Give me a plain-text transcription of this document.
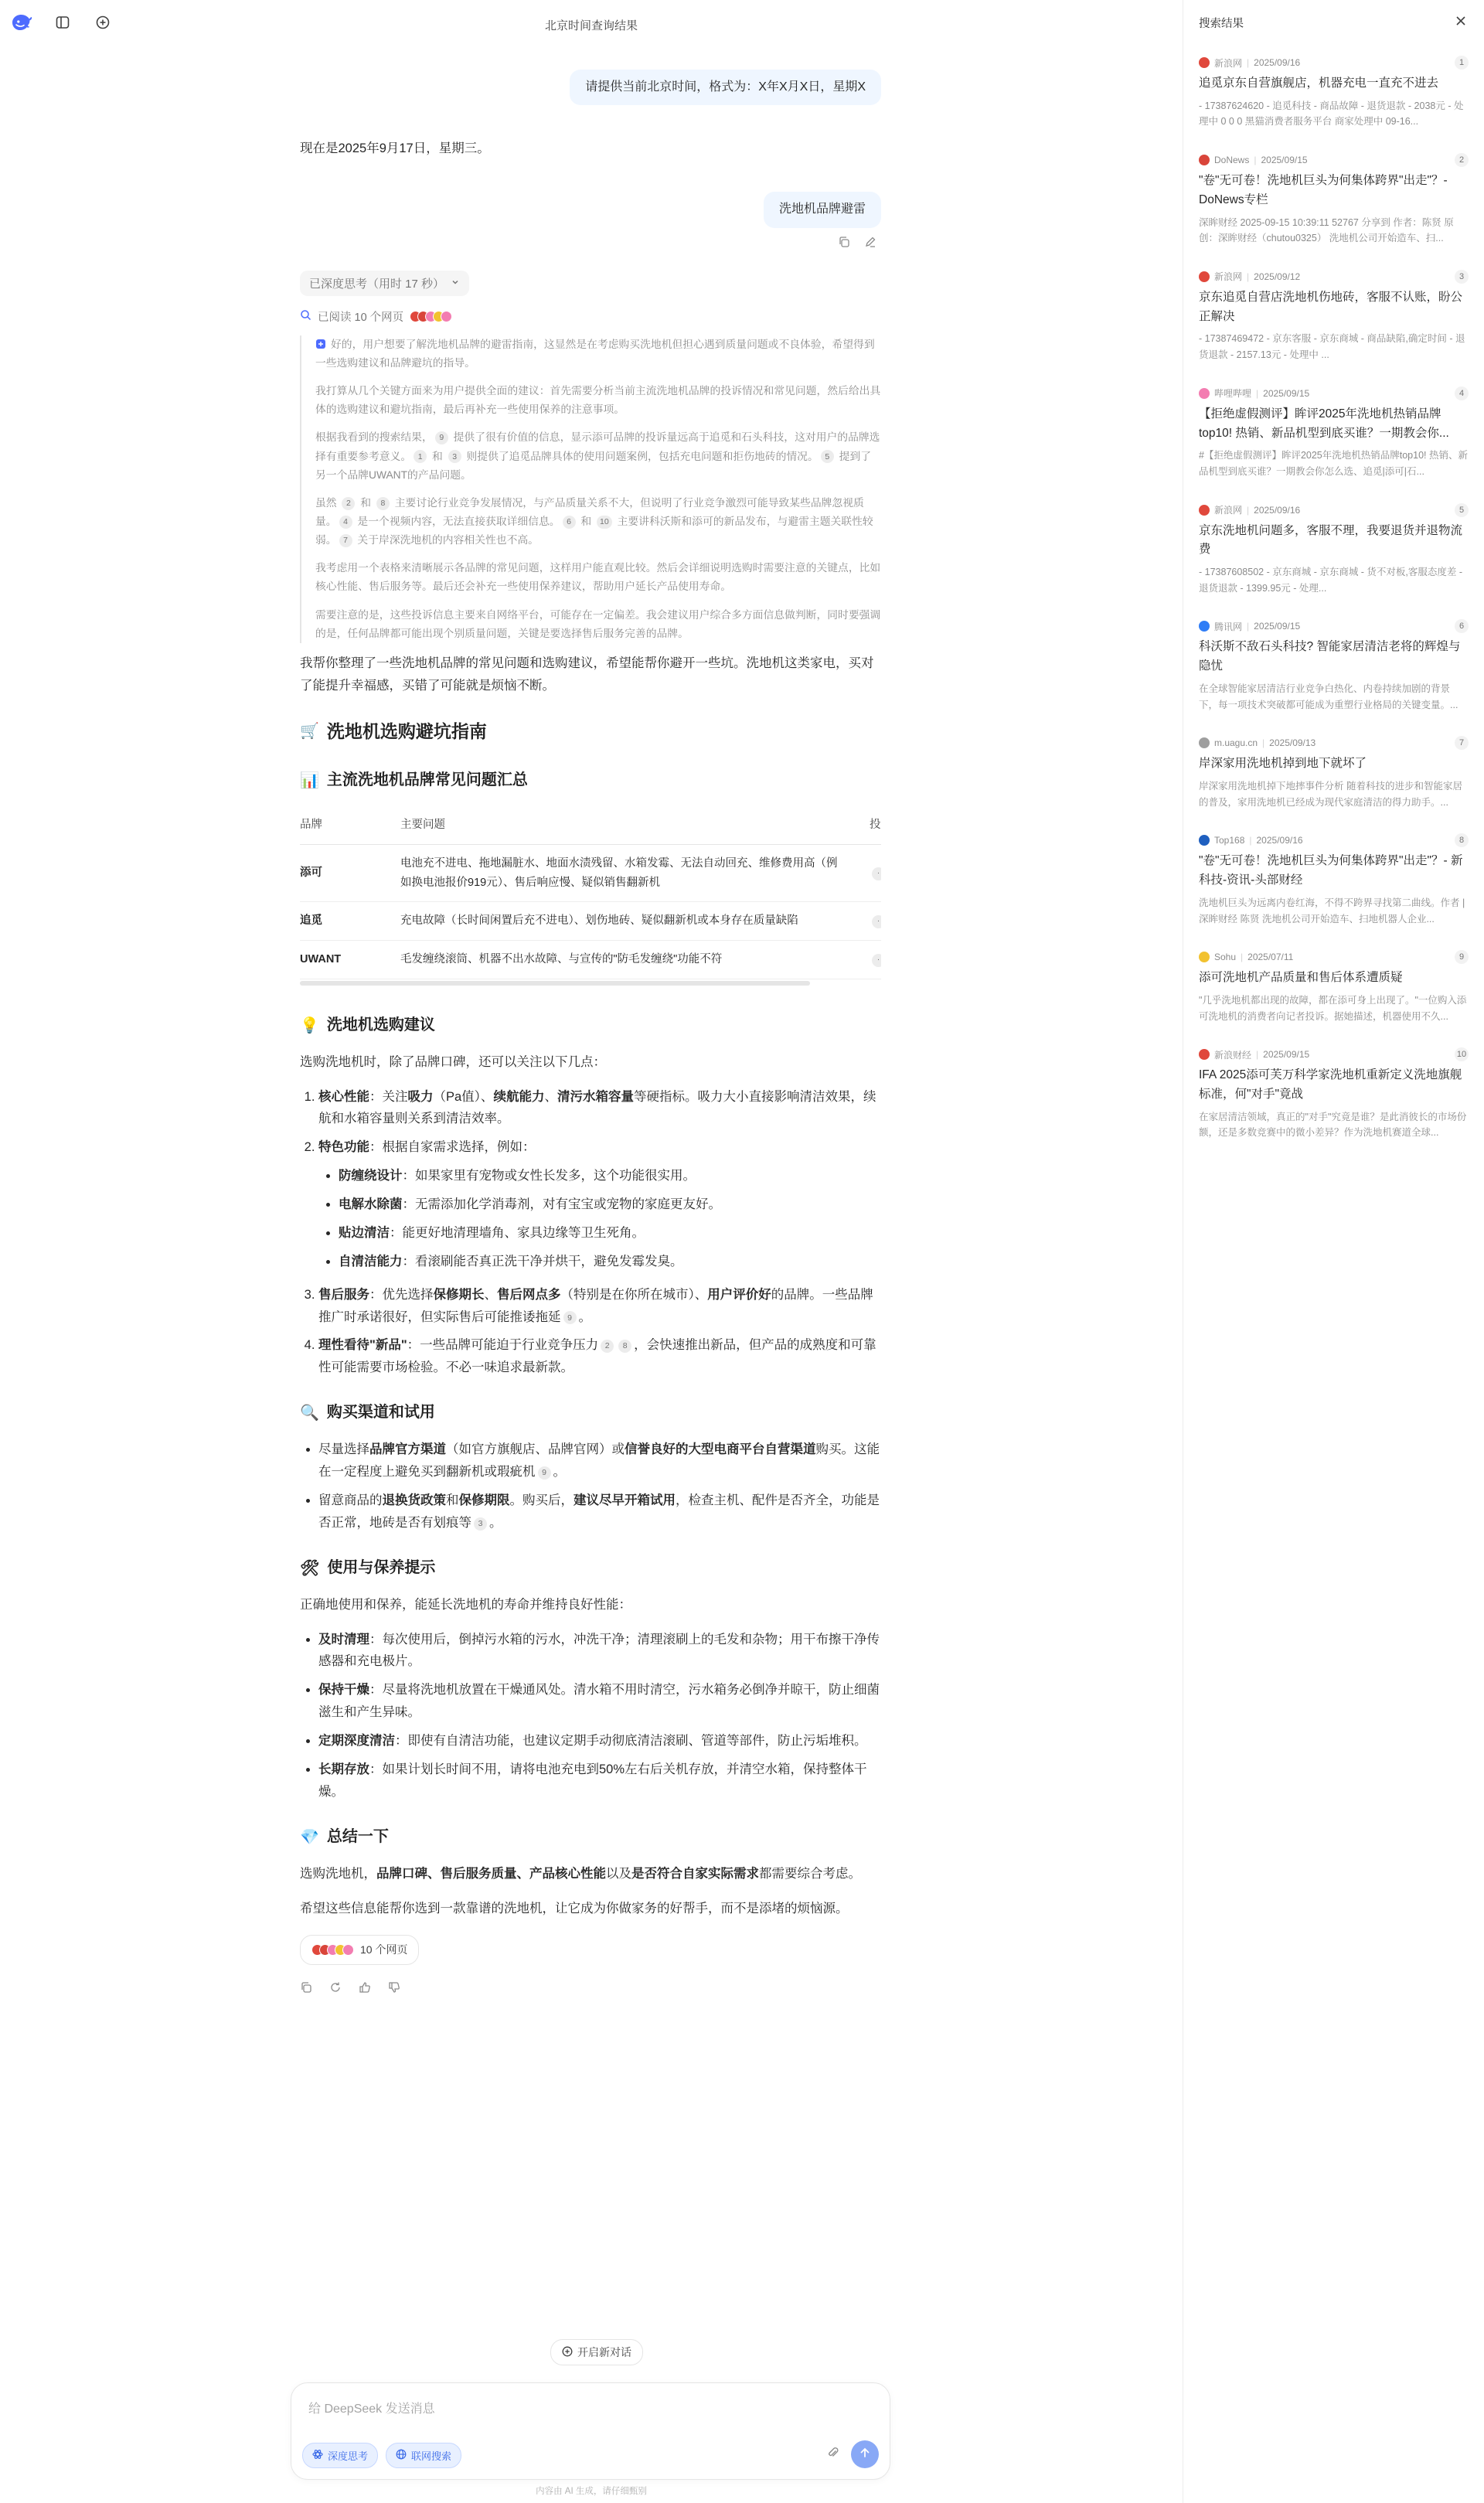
北京时间查询结果
请提供当前北京时间，格式为：X年X月X日，星期X
现在是2025年9月17日，星期三。
洗地机品牌避雷
已深度思考（用时 17 秒）
已阅读 10 个网页

好的，用户想要了解洗地机品牌的避雷指南，这显然是在考虑购买洗地机但担心遇到质量问题或不良体验，希望得到一些选购建议和品牌避坑的指导。

我打算从几个关键方面来为用户提供全面的建议：首先需要分析当前主流洗地机品牌的投诉情况和常见问题，然后给出具体的选购建议和避坑指南，最后再补充一些使用保养的注意事项。

根据我看到的搜索结果， 9 提供了很有价值的信息，显示添可品牌的投诉量远高于追觅和石头科技，这对用户的品牌选择有重要参考意义。 1 和 3 则提供了追觅品牌具体的使用问题案例，包括充电问题和拒伤地砖的情况。 5 提到了另一个品牌UWANT的产品问题。

虽然 2 和 8 主要讨论行业竞争发展情况，与产品质量关系不大，但说明了行业竞争激烈可能导致某些品牌忽视质量。 4 是一个视频内容，无法直接获取详细信息。 6 和 10 主要讲科沃斯和添可的新品发布，与避雷主题关联性较弱。 7 关于岸深洗地机的内容相关性也不高。

我考虑用一个表格来清晰展示各品牌的常见问题，这样用户能直观比较。然后会详细说明选购时需要注意的关键点，比如核心性能、售后服务等。最后还会补充一些使用保养建议，帮助用户延长产品使用寿命。

需要注意的是，这些投诉信息主要来自网络平台，可能存在一定偏差。我会建议用户综合多方面信息做判断，同时要强调的是，任何品牌都可能出现个别质量问题，关键是要选择售后服务完善的品牌。

我帮你整理了一些洗地机品牌的常见问题和选购建议，希望能帮你避开一些坑。洗地机这类家电，买对了能提升幸福感，买错了可能就是烦恼不断。

🛒 洗地机选购避坑指南
📊 主流洗地机品牌常见问题汇总
品牌	主要问题	投
添可	电池充不进电、拖地漏脏水、地面水渍残留、水箱发霉、无法自动回充、维修费用高（例如换电池报价919元）、售后响应慢、疑似销售翻新机	·
追觅	充电故障（长时间闲置后充不进电）、划伤地砖、疑似翻新机或本身存在质量缺陷	·
UWANT	毛发缠绕滚筒、机器不出水故障、与宣传的"防毛发缠绕"功能不符	·
💡 洗地机选购建议

选购洗地机时，除了品牌口碑，还可以关注以下几点：

1. 核心性能：关注吸力（Pa值）、续航能力、清污水箱容量等硬指标。吸力大小直接影响清洁效果，续航和水箱容量则关系到清洁效率。
2. 特色功能：根据自家需求选择，例如：
• 防缠绕设计：如果家里有宠物或女性长发多，这个功能很实用。
• 电解水除菌：无需添加化学消毒剂，对有宝宝或宠物的家庭更友好。
• 贴边清洁：能更好地清理墙角、家具边缘等卫生死角。
• 自清洁能力：看滚刷能否真正洗干净并烘干，避免发霉发臭。
3. 售后服务：优先选择保修期长、售后网点多（特别是在你所在城市）、用户评价好的品牌。一些品牌推广时承诺很好，但实际售后可能推诿拖延 9 。
4. 理性看待"新品"：一些品牌可能迫于行业竞争压力 2 8 ，会快速推出新品，但产品的成熟度和可靠性可能需要市场检验。不必一味追求最新款。
🔍 购买渠道和试用
• 尽量选择品牌官方渠道（如官方旗舰店、品牌官网）或信誉良好的大型电商平台自营渠道购买。这能在一定程度上避免买到翻新机或瑕疵机 9 。
• 留意商品的退换货政策和保修期限。购买后，建议尽早开箱试用，检查主机、配件是否齐全，功能是否正常，地砖是否有划痕等 3 。
🛠 使用与保养提示

正确地使用和保养，能延长洗地机的寿命并维持良好性能：

• 及时清理：每次使用后，倒掉污水箱的污水，冲洗干净；清理滚刷上的毛发和杂物；用干布擦干净传感器和充电极片。
• 保持干燥：尽量将洗地机放置在干燥通风处。清水箱不用时清空，污水箱务必倒净并晾干，防止细菌滋生和产生异味。
• 定期深度清洁：即使有自清洁功能，也建议定期手动彻底清洁滚刷、管道等部件，防止污垢堆积。
• 长期存放：如果计划长时间不用，请将电池充电到50%左右后关机存放，并清空水箱，保持整体干燥。
💎 总结一下

选购洗地机，品牌口碑、售后服务质量、产品核心性能以及是否符合自家实际需求都需要综合考虑。

希望这些信息能帮你选到一款靠谱的洗地机，让它成为你做家务的好帮手，而不是添堵的烦恼源。

10 个网页
开启新对话
给 DeepSeek 发送消息
深度思考	联网搜索
内容由 AI 生成，请仔细甄别
搜索结果
新浪网 | 2025/09/16	1
追觅京东自营旗舰店，机器充电一直充不进去
- 17387624620 - 追觅科技 - 商品故障 - 退货退款 - 2038元 - 处理中 0 0 0 黑猫消费者服务平台 商家处理中 09-16...
DoNews | 2025/09/15	2
"卷"无可卷！洗地机巨头为何集体跨界"出走"？- DoNews专栏
深眸财经 2025-09-15 10:39:11 52767 分享到 作者：陈贤 原创：深眸财经（chutou0325） 洗地机公司开始造车、扫...
新浪网 | 2025/09/12	3
京东追觅自营店洗地机伤地砖，客服不认账，盼公正解决
- 17387469472 - 京东客服 - 京东商城 - 商品缺陷,确定时间 - 退货退款 - 2157.13元 - 处理中 ...
哔哩哔哩 | 2025/09/15	4
【拒绝虚假测评】眸评2025年洗地机热销品牌top10! 热销、新品机型到底买谁？一期教会你...
#【拒绝虚假测评】眸评2025年洗地机热销品牌top10! 热销、新品机型到底买谁？一期教会你怎么选、追觅|添可|石...
新浪网 | 2025/09/16	5
京东洗地机问题多，客服不理，我要退货并退物流费
- 17387608502 - 京东商城 - 京东商城 - 货不对板,客服态度差 - 退货退款 - 1399.95元 - 处理...
腾讯网 | 2025/09/15	6
科沃斯不敌石头科技? 智能家居清洁老将的辉煌与隐忧
在全球智能家居清洁行业竞争白热化、内卷持续加剧的背景下，每一项技术突破都可能成为重塑行业格局的关键变量。...
m.uagu.cn | 2025/09/13	7
岸深家用洗地机掉到地下就坏了
岸深家用洗地机掉下地摔事件分析 随着科技的进步和智能家居的普及，家用洗地机已经成为现代家庭清洁的得力助手。...
Top168 | 2025/09/16	8
"卷"无可卷！洗地机巨头为何集体跨界"出走"？- 新科技-资讯-头部财经
洗地机巨头为远离内卷红海，不得不跨界寻找第二曲线。作者 | 深眸财经 陈贤 洗地机公司开始造车、扫地机器人企业...
Sohu | 2025/07/11	9
添可洗地机产品质量和售后体系遭质疑
"几乎洗地机都出现的故障，都在添可身上出现了。"一位购入添可洗地机的消费者向记者投诉。据她描述，机器使用不久...
新浪财经 | 2025/09/15	10
IFA 2025添可芙万科学家洗地机重新定义洗地旗舰标准，何"对手"竟战
在家居清洁领域，真正的"对手"究竟是谁？是此消彼长的市场份额，还是多数竞赛中的微小差异？作为洗地机赛道全球...
